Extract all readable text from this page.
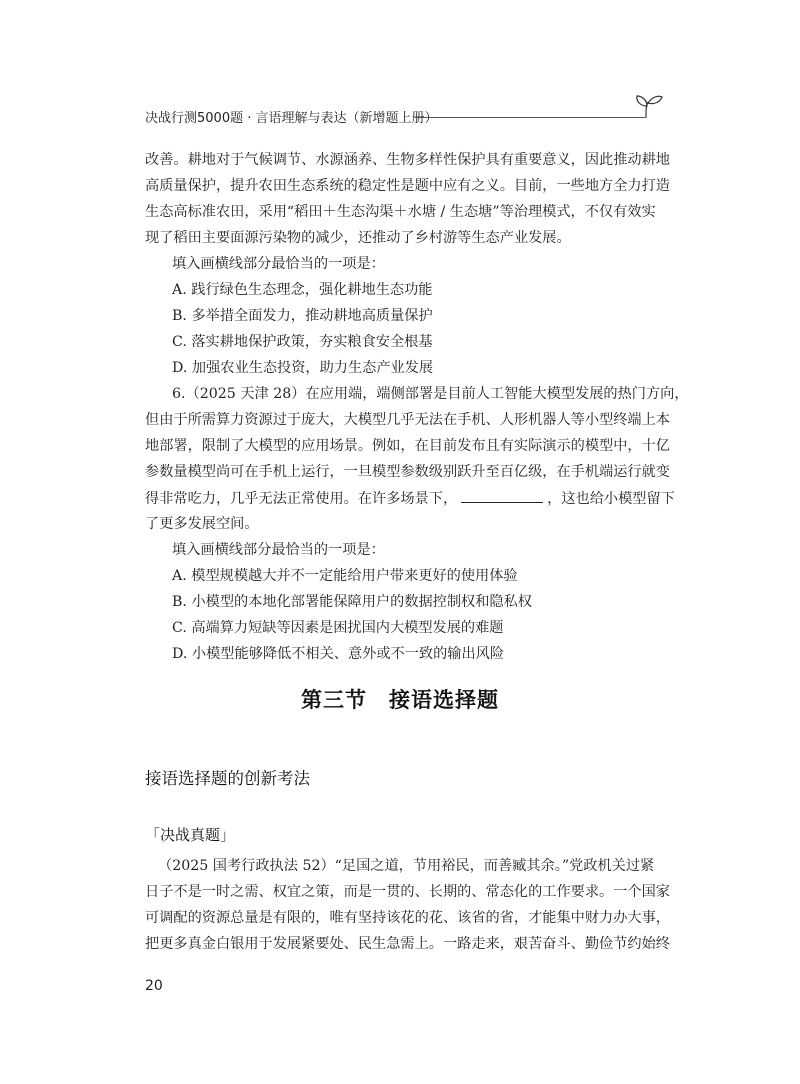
决战行测5000题 · 言语理解与表达（新增题上册）
改善。耕地对于气候调节、水源涵养、生物多样性保护具有重要意义，因此推动耕地
高质量保护，提升农田生态系统的稳定性是题中应有之义。目前，一些地方全力打造
生态高标准农田，采用“稻田＋生态沟渠＋水塘 / 生态塘”等治理模式，不仅有效实
现了稻田主要面源污染物的减少，还推动了乡村游等生态产业发展。
填入画横线部分最恰当的一项是：
A. 践行绿色生态理念，强化耕地生态功能
B. 多举措全面发力，推动耕地高质量保护
C. 落实耕地保护政策，夯实粮食安全根基
D. 加强农业生态投资，助力生态产业发展
6.（2025 天津 28）在应用端，端侧部署是目前人工智能大模型发展的热门方向，
但由于所需算力资源过于庞大，大模型几乎无法在手机、人形机器人等小型终端上本
地部署，限制了大模型的应用场景。例如，在目前发布且有实际演示的模型中，十亿
参数量模型尚可在手机上运行，一旦模型参数级别跃升至百亿级，在手机端运行就变
得非常吃力，几乎无法正常使用。在许多场景下，	，这也给小模型留下
了更多发展空间。
填入画横线部分最恰当的一项是：
A. 模型规模越大并不一定能给用户带来更好的使用体验
B. 小模型的本地化部署能保障用户的数据控制权和隐私权
C. 高端算力短缺等因素是困扰国内大模型发展的难题
D. 小模型能够降低不相关、意外或不一致的输出风险
第三节　接语选择题
接语选择题的创新考法
「决战真题」
（2025 国考行政执法 52）“足国之道，节用裕民，而善臧其余。”党政机关过紧
日子不是一时之需、权宜之策，而是一贯的、长期的、常态化的工作要求。一个国家
可调配的资源总量是有限的，唯有坚持该花的花、该省的省，才能集中财力办大事，
把更多真金白银用于发展紧要处、民生急需上。一路走来，艰苦奋斗、勤俭节约始终
20
